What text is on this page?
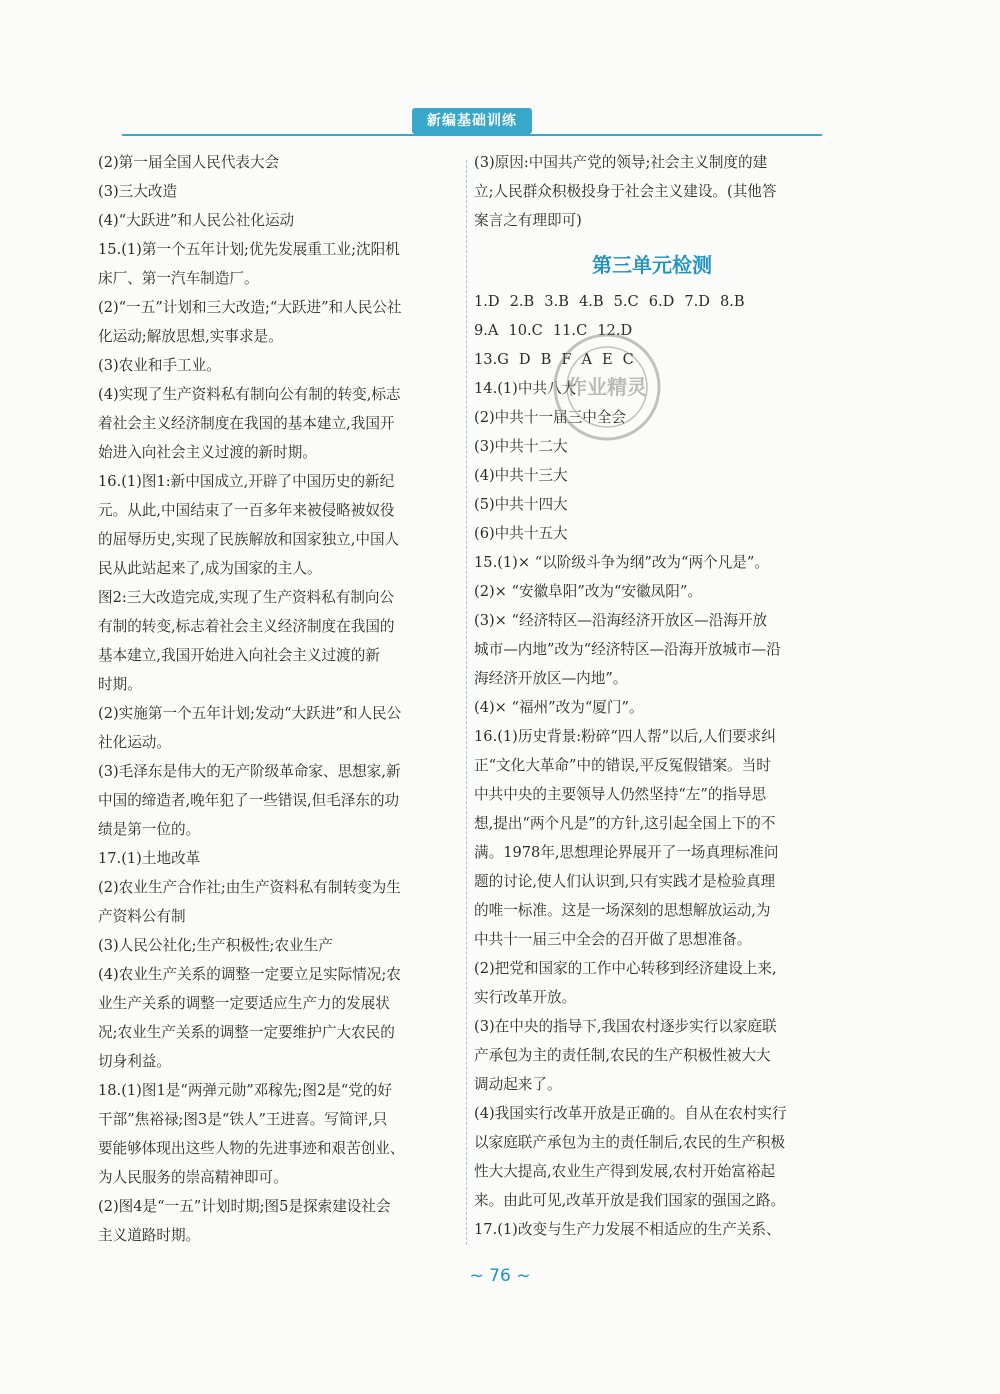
新编基础训练
(2)第一届全国人民代表大会
(3)三大改造
(4)“大跃进”和人民公社化运动
15.(1)第一个五年计划;优先发展重工业;沈阳机
床厂、第一汽车制造厂。
(2)“一五”计划和三大改造;“大跃进”和人民公社
化运动;解放思想,实事求是。
(3)农业和手工业。
(4)实现了生产资料私有制向公有制的转变,标志
着社会主义经济制度在我国的基本建立,我国开
始进入向社会主义过渡的新时期。
16.(1)图1:新中国成立,开辟了中国历史的新纪
元。从此,中国结束了一百多年来被侵略被奴役
的屈辱历史,实现了民族解放和国家独立,中国人
民从此站起来了,成为国家的主人。
图2:三大改造完成,实现了生产资料私有制向公
有制的转变,标志着社会主义经济制度在我国的
基本建立,我国开始进入向社会主义过渡的新
时期。
(2)实施第一个五年计划;发动“大跃进”和人民公
社化运动。
(3)毛泽东是伟大的无产阶级革命家、思想家,新
中国的缔造者,晚年犯了一些错误,但毛泽东的功
绩是第一位的。
17.(1)土地改革
(2)农业生产合作社;由生产资料私有制转变为生
产资料公有制
(3)人民公社化;生产积极性;农业生产
(4)农业生产关系的调整一定要立足实际情况;农
业生产关系的调整一定要适应生产力的发展状
况;农业生产关系的调整一定要维护广大农民的
切身利益。
18.(1)图1是“两弹元勋”邓稼先;图2是“党的好
干部”焦裕禄;图3是“铁人”王进喜。写简评,只
要能够体现出这些人物的先进事迹和艰苦创业、
为人民服务的崇高精神即可。
(2)图4是“一五”计划时期;图5是探索建设社会
主义道路时期。
(3)原因:中国共产党的领导;社会主义制度的建
立;人民群众积极投身于社会主义建设。(其他答
案言之有理即可)
第三单元检测
1.D 2.B 3.B 4.B 5.C 6.D 7.D 8.B
9.A 10.C 11.C 12.D
13.G D B F A E C
14.(1)中共八大
(2)中共十一届三中全会
(3)中共十二大
(4)中共十三大
(5)中共十四大
(6)中共十五大
15.(1)× “以阶级斗争为纲”改为“两个凡是”。
(2)× “安徽阜阳”改为“安徽凤阳”。
(3)× “经济特区—沿海经济开放区—沿海开放
城市—内地”改为“经济特区—沿海开放城市—沿
海经济开放区—内地”。
(4)× “福州”改为“厦门”。
16.(1)历史背景:粉碎“四人帮”以后,人们要求纠
正“文化大革命”中的错误,平反冤假错案。当时
中共中央的主要领导人仍然坚持“左”的指导思
想,提出“两个凡是”的方针,这引起全国上下的不
满。1978年,思想理论界展开了一场真理标准问
题的讨论,使人们认识到,只有实践才是检验真理
的唯一标准。这是一场深刻的思想解放运动,为
中共十一届三中全会的召开做了思想准备。
(2)把党和国家的工作中心转移到经济建设上来,
实行改革开放。
(3)在中央的指导下,我国农村逐步实行以家庭联
产承包为主的责任制,农民的生产积极性被大大
调动起来了。
(4)我国实行改革开放是正确的。自从在农村实行
以家庭联产承包为主的责任制后,农民的生产积极
性大大提高,农业生产得到发展,农村开始富裕起
来。由此可见,改革开放是我们国家的强国之路。
17.(1)改变与生产力发展不相适应的生产关系、
作业精灵
~ 76 ~
